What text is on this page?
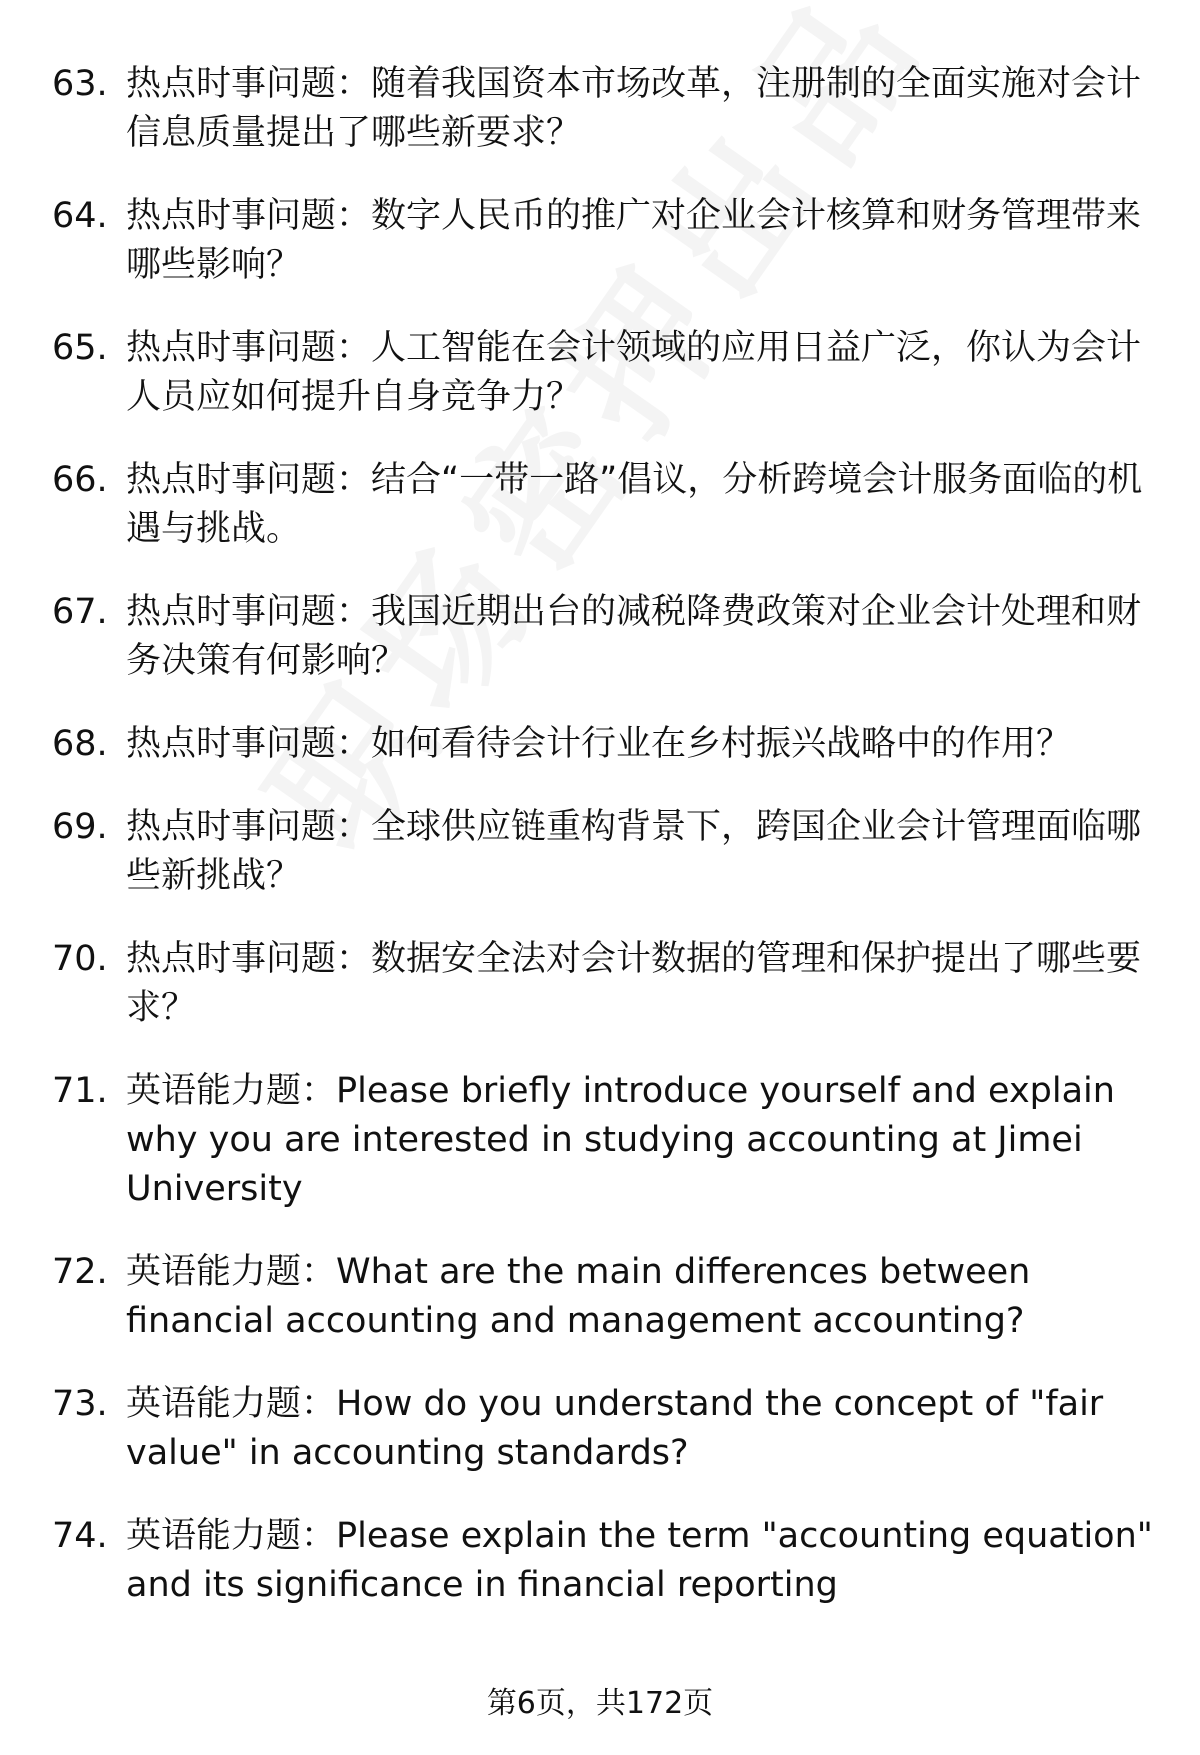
63. 热点时事问题：随着我国资本市场改革，注册制的全面实施对会计信息质量提出了哪些新要求？
64. 热点时事问题：数字人民币的推广对企业会计核算和财务管理带来哪些影响？
65. 热点时事问题：人工智能在会计领域的应用日益广泛，你认为会计人员应如何提升自身竞争力？
66. 热点时事问题：结合“一带一路”倡议，分析跨境会计服务面临的机遇与挑战。
67. 热点时事问题：我国近期出台的减税降费政策对企业会计处理和财务决策有何影响？
68. 热点时事问题：如何看待会计行业在乡村振兴战略中的作用？
69. 热点时事问题：全球供应链重构背景下，跨国企业会计管理面临哪些新挑战？
70. 热点时事问题：数据安全法对会计数据的管理和保护提出了哪些要求？
71. 英语能力题：Please briefly introduce yourself and explain why you are interested in studying accounting at Jimei University
72. 英语能力题：What are the main differences between financial accounting and management accounting?
73. 英语能力题：How do you understand the concept of "fair value" in accounting standards?
74. 英语能力题：Please explain the term "accounting equation" and its significance in financial reporting
第6页，共172页
